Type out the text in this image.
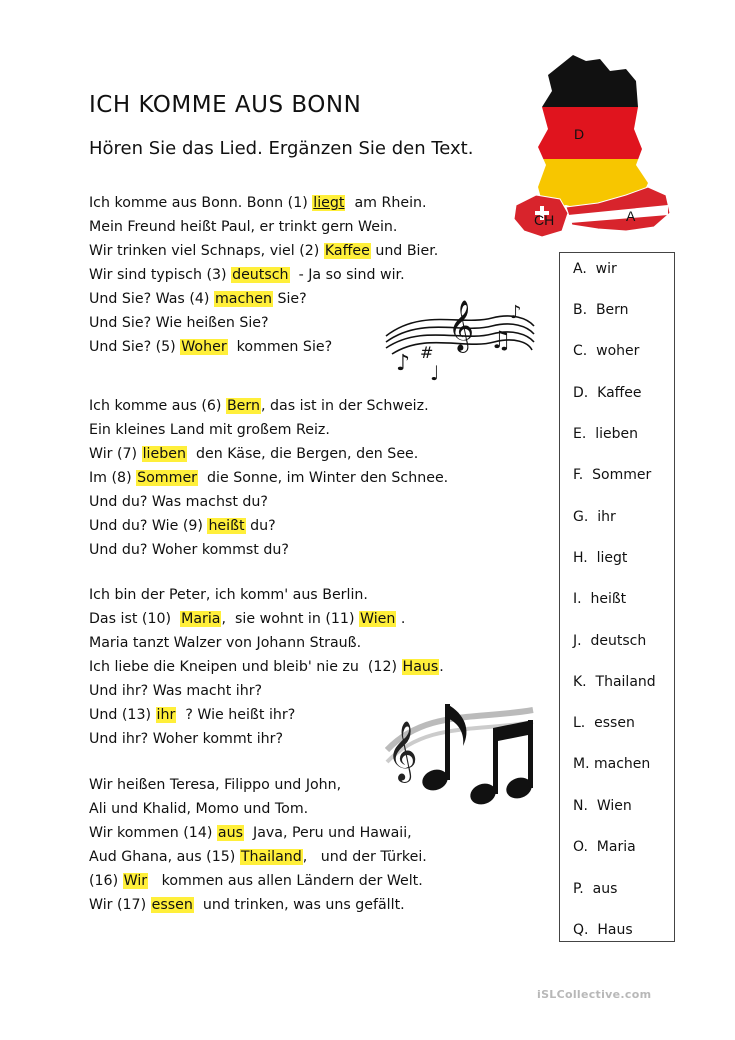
ICH KOMME AUS BONN
Hören Sie das Lied. Ergänzen Sie den Text.
D
CH	A
Ich komme aus Bonn. Bonn (1) liegt  am Rhein.
Mein Freund heißt Paul, er trinkt gern Wein.
Wir trinken viel Schnaps, viel (2) Kaffee und Bier.
Wir sind typisch (3) deutsch  - Ja so sind wir.
Und Sie? Was (4) machen Sie?
Und Sie? Wie heißen Sie?
Und Sie? (5) Woher  kommen Sie?
Ich komme aus (6) Bern, das ist in der Schweiz.
Ein kleines Land mit großem Reiz.
Wir (7) lieben  den Käse, die Bergen, den See.
Im (8) Sommer  die Sonne, im Winter den Schnee.
Und du? Was machst du?
Und du? Wie (9) heißt du?
Und du? Woher kommst du?
Ich bin der Peter, ich komm' aus Berlin.
Das ist (10)  Maria,  sie wohnt in (11) Wien .
Maria tanzt Walzer von Johann Strauß.
Ich liebe die Kneipen und bleib' nie zu  (12) Haus.
Und ihr? Was macht ihr?
Und (13) ihr  ? Wie heißt ihr?
Und ihr? Woher kommt ihr?
Wir heißen Teresa, Filippo und John,
Ali und Khalid, Momo und Tom.
Wir kommen (14) aus  Java, Peru und Hawaii,
Aud Ghana, aus (15) Thailand,   und der Türkei.
(16) Wir   kommen aus allen Ländern der Welt.
Wir (17) essen  und trinken, was uns gefällt.
𝄞 ♫
♪ #
♩
♪
𝄞
A.  wir
B.  Bern
C.  woher
D.  Kaffee
E.  lieben
F.  Sommer
G.  ihr
H.  liegt
I.  heißt
J.  deutsch
K.  Thailand
L.  essen
M. machen
N.  Wien
O.  Maria
P.  aus
Q.  Haus
iSLCollective.com
